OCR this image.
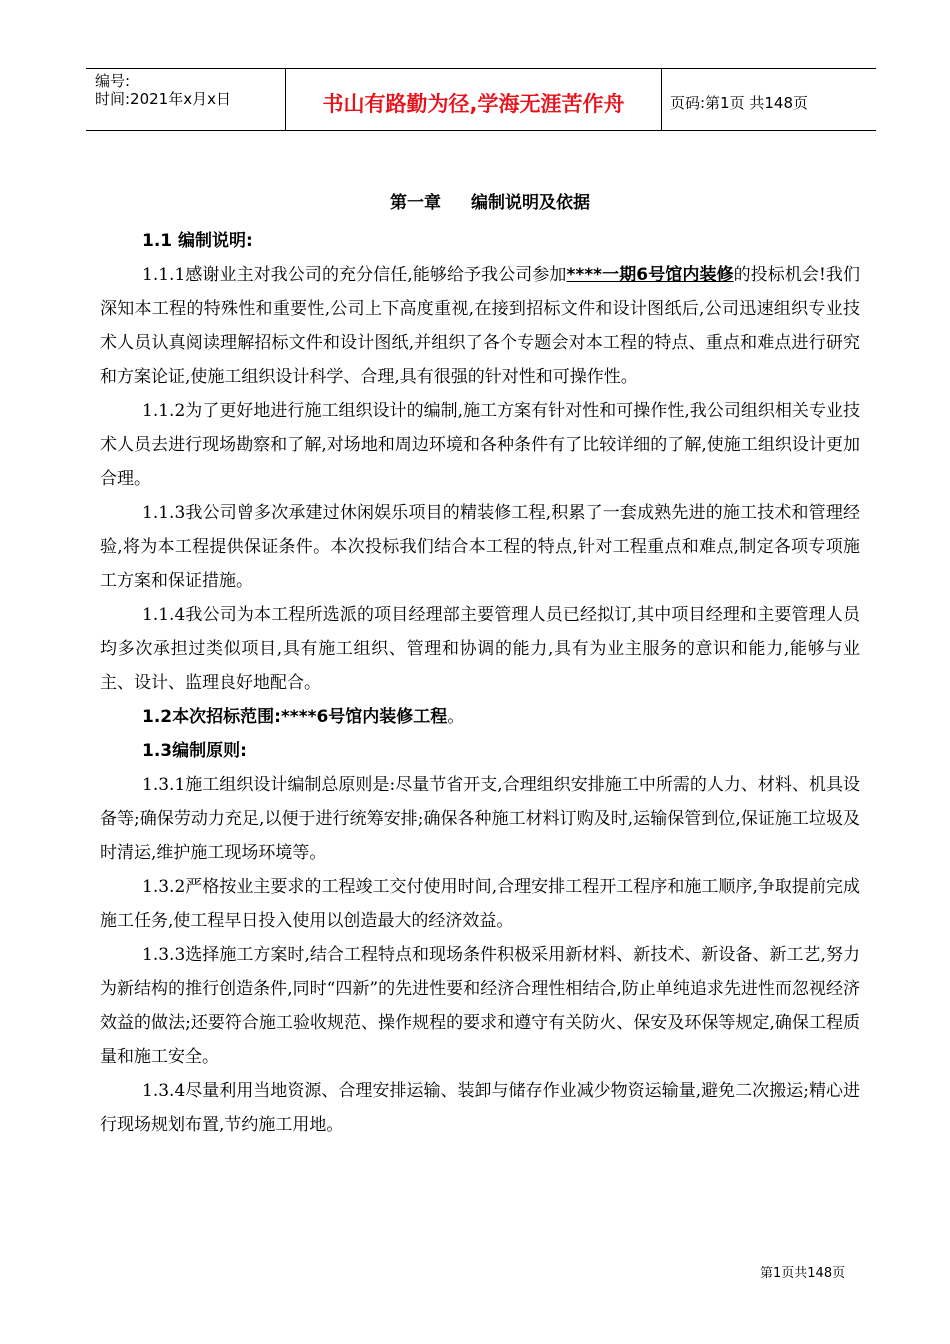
编号:
时间:2021年x月x日	书山有路勤为径,学海无涯苦作舟	页码:第1页 共148页
第一章 编制说明及依据
1.1 编制说明:

1.1.1感谢业主对我公司的充分信任,能够给予我公司参加****一期6号馆内装修的投标机会!我们深知本工程的特殊性和重要性,公司上下高度重视,在接到招标文件和设计图纸后,公司迅速组织专业技术人员认真阅读理解招标文件和设计图纸,并组织了各个专题会对本工程的特点、重点和难点进行研究和方案论证,使施工组织设计科学、合理,具有很强的针对性和可操作性。

1.1.2为了更好地进行施工组织设计的编制,施工方案有针对性和可操作性,我公司组织相关专业技术人员去进行现场勘察和了解,对场地和周边环境和各种条件有了比较详细的了解,使施工组织设计更加合理。

1.1.3我公司曾多次承建过休闲娱乐项目的精装修工程,积累了一套成熟先进的施工技术和管理经验,将为本工程提供保证条件。本次投标我们结合本工程的特点,针对工程重点和难点,制定各项专项施工方案和保证措施。

1.1.4我公司为本工程所选派的项目经理部主要管理人员已经拟订,其中项目经理和主要管理人员均多次承担过类似项目,具有施工组织、管理和协调的能力,具有为业主服务的意识和能力,能够与业主、设计、监理良好地配合。

1.2本次招标范围:****6号馆内装修工程。
1.3编制原则:

1.3.1施工组织设计编制总原则是:尽量节省开支,合理组织安排施工中所需的人力、材料、机具设备等;确保劳动力充足,以便于进行统筹安排;确保各种施工材料订购及时,运输保管到位,保证施工垃圾及时清运,维护施工现场环境等。

1.3.2严格按业主要求的工程竣工交付使用时间,合理安排工程开工程序和施工顺序,争取提前完成施工任务,使工程早日投入使用以创造最大的经济效益。

1.3.3选择施工方案时,结合工程特点和现场条件积极采用新材料、新技术、新设备、新工艺,努力为新结构的推行创造条件,同时“四新”的先进性要和经济合理性相结合,防止单纯追求先进性而忽视经济效益的做法;还要符合施工验收规范、操作规程的要求和遵守有关防火、保安及环保等规定,确保工程质量和施工安全。

1.3.4尽量利用当地资源、合理安排运输、装卸与储存作业减少物资运输量,避免二次搬运;精心进行现场规划布置,节约施工用地。

第1页共148页
